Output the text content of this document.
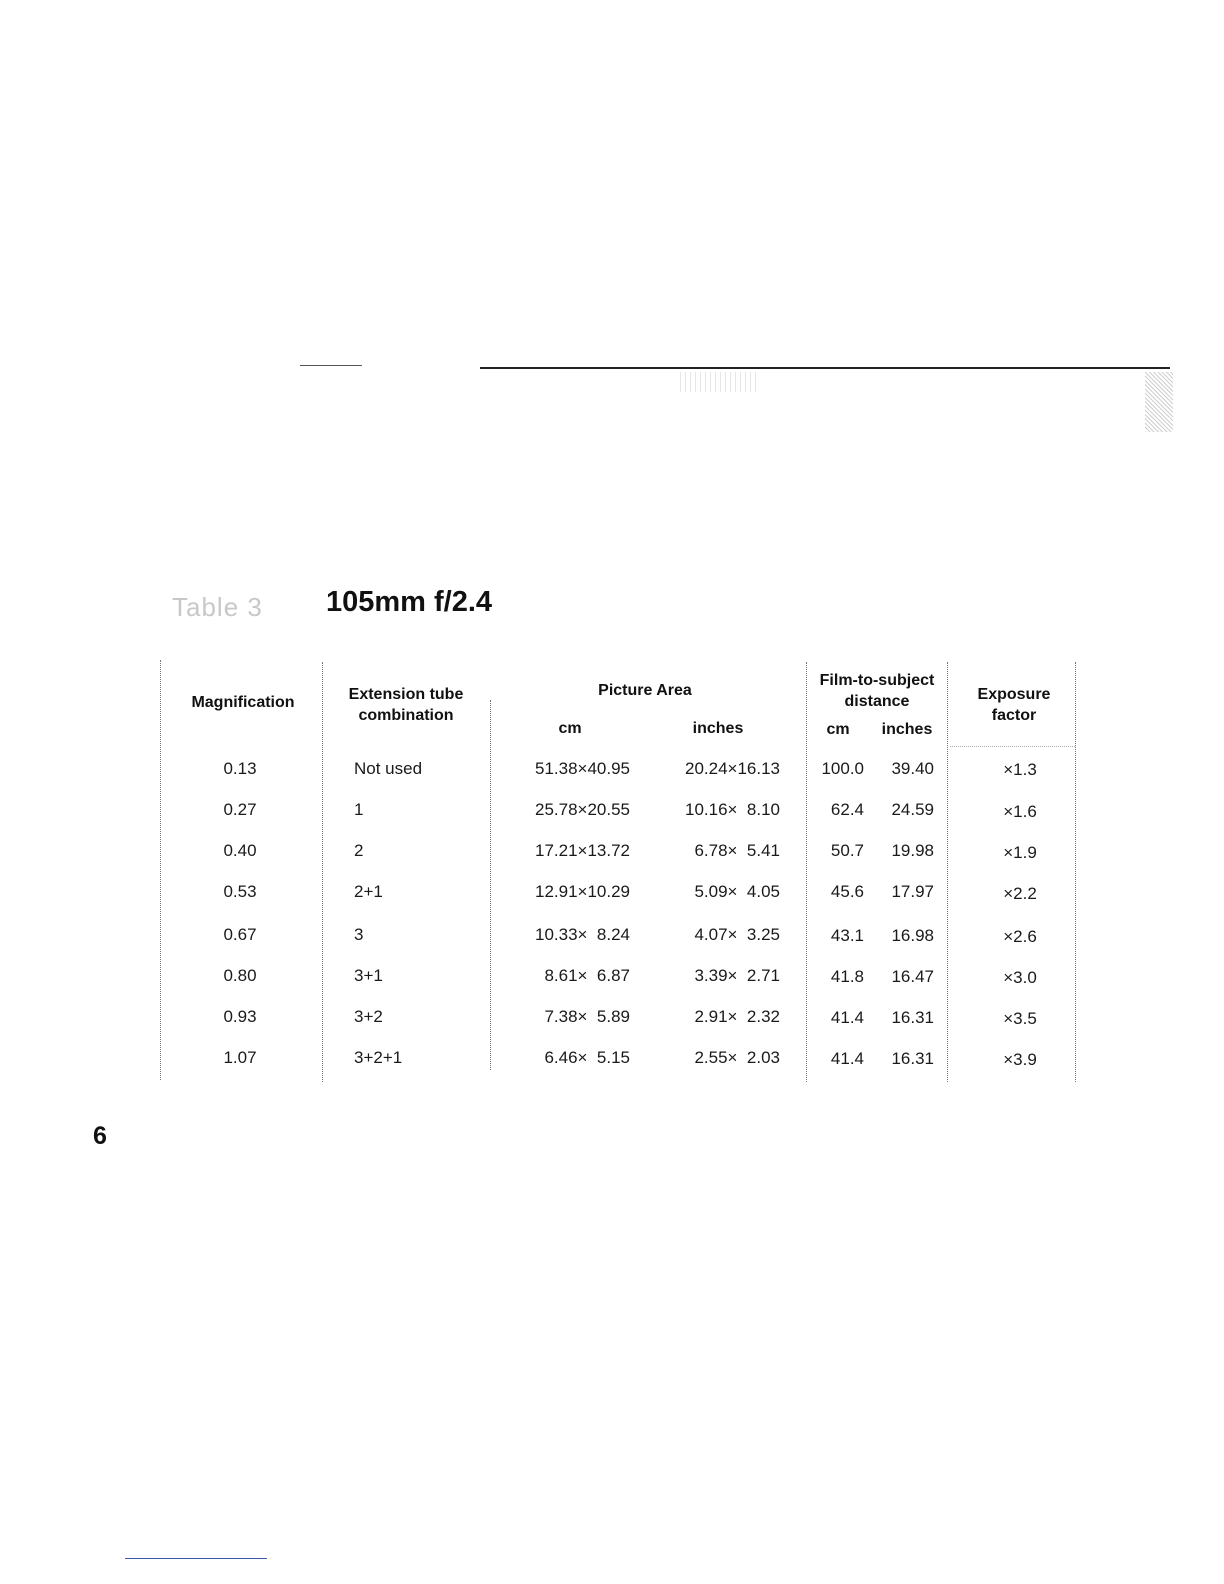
Table 3 105mm f/2.4
Magnification	Extension tube
combination
Picture Area
cm	inches
Film-to-subject
distance
cm	inches
Exposure
factor
0.13	Not used	51.38×40.95	20.24×16.13	100.0	39.40	×1.3
0.27	1	25.78×20.55	10.16×  8.10	62.4	24.59	×1.6
0.40	2	17.21×13.72	6.78×  5.41	50.7	19.98	×1.9
0.53	2+1	12.91×10.29	5.09×  4.05	45.6	17.97	×2.2
0.67	3	10.33×  8.24	4.07×  3.25	43.1	16.98	×2.6
0.80	3+1	8.61×  6.87	3.39×  2.71	41.8	16.47	×3.0
0.93	3+2	7.38×  5.89	2.91×  2.32	41.4	16.31	×3.5
1.07	3+2+1	6.46×  5.15	2.55×  2.03	41.4	16.31	×3.9
6
